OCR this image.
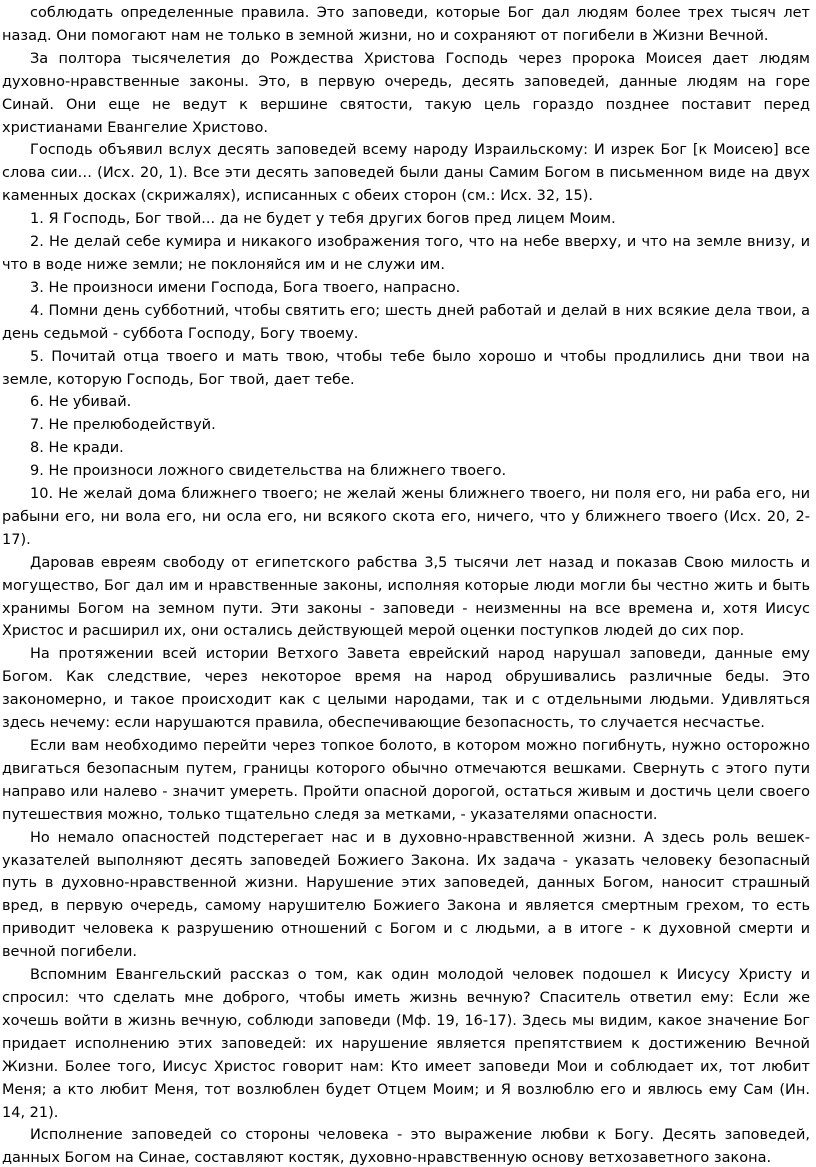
соблюдать определенные правила. Это заповеди, которые Бог дал людям более трех тысяч лет назад. Они помогают нам не только в земной жизни, но и сохраняют от погибели в Жизни Вечной.

За полтора тысячелетия до Рождества Христова Господь через пророка Моисея дает людям духовно-нравственные законы. Это, в первую очередь, десять заповедей, данные людям на горе Синай. Они еще не ведут к вершине святости, такую цель гораздо позднее поставит перед христианами Евангелие Христово.

Господь объявил вслух десять заповедей всему народу Израильскому: И изрек Бог [к Моисею] все слова сии… (Исх. 20, 1). Все эти десять заповедей были даны Самим Богом в письменном виде на двух каменных досках (скрижалях), исписанных с обеих сторон (см.: Исх. 32, 15).

1. Я Господь, Бог твой... да не будет у тебя других богов пред лицем Моим.

2. Не делай себе кумира и никакого изображения того, что на небе вверху, и что на земле внизу, и что в воде ниже земли; не поклоняйся им и не служи им.

3. Не произноси имени Господа, Бога твоего, напрасно.

4. Помни день субботний, чтобы святить его; шесть дней работай и делай в них всякие дела твои, а день седьмой - суббота Господу, Богу твоему.

5. Почитай отца твоего и мать твою, чтобы тебе было хорошо и чтобы продлились дни твои на земле, которую Господь, Бог твой, дает тебе.

6. Не убивай.

7. Не прелюбодействуй.

8. Не кради.

9. Не произноси ложного свидетельства на ближнего твоего.

10. Не желай дома ближнего твоего; не желай жены ближнего твоего, ни поля его, ни раба его, ни рабыни его, ни вола его, ни осла его, ни всякого скота его, ничего, что у ближнего твоего (Исх. 20, 2-17).

Даровав евреям свободу от египетского рабства 3,5 тысячи лет назад и показав Свою милость и могущество, Бог дал им и нравственные законы, исполняя которые люди могли бы честно жить и быть хранимы Богом на земном пути. Эти законы - заповеди - неизменны на все времена и, хотя Иисус Христос и расширил их, они остались действующей мерой оценки поступков людей до сих пор.

На протяжении всей истории Ветхого Завета еврейский народ нарушал заповеди, данные ему Богом. Как следствие, через некоторое время на народ обрушивались различные беды. Это закономерно, и такое происходит как с целыми народами, так и с отдельными людьми. Удивляться здесь нечему: если нарушаются правила, обеспечивающие безопасность, то случается несчастье.

Если вам необходимо перейти через топкое болото, в котором можно погибнуть, нужно осторожно двигаться безопасным путем, границы которого обычно отмечаются вешками. Свернуть с этого пути направо или налево - значит умереть. Пройти опасной дорогой, остаться живым и достичь цели своего путешествия можно, только тщательно следя за метками, - указателями опасности.

Но немало опасностей подстерегает нас и в духовно-нравственной жизни. А здесь роль вешек-указателей выполняют десять заповедей Божиего Закона. Их задача - указать человеку безопасный путь в духовно-нравственной жизни. Нарушение этих заповедей, данных Богом, наносит страшный вред, в первую очередь, самому нарушителю Божиего Закона и является смертным грехом, то есть приводит человека к разрушению отношений с Богом и с людьми, а в итоге - к духовной смерти и вечной погибели.

Вспомним Евангельский рассказ о том, как один молодой человек подошел к Иисусу Христу и спросил: что сделать мне доброго, чтобы иметь жизнь вечную? Спаситель ответил ему: Если же хочешь войти в жизнь вечную, соблюди заповеди (Мф. 19, 16-17). Здесь мы видим, какое значение Бог придает исполнению этих заповедей: их нарушение является препятствием к достижению Вечной Жизни. Более того, Иисус Христос говорит нам: Кто имеет заповеди Мои и соблюдает их, тот любит Меня; а кто любит Меня, тот возлюблен будет Отцем Моим; и Я возлюблю его и явлюсь ему Сам (Ин. 14, 21).

Исполнение заповедей со стороны человека - это выражение любви к Богу. Десять заповедей, данных Богом на Синае, составляют костяк, духовно-нравственную основу ветхозаветного закона.
